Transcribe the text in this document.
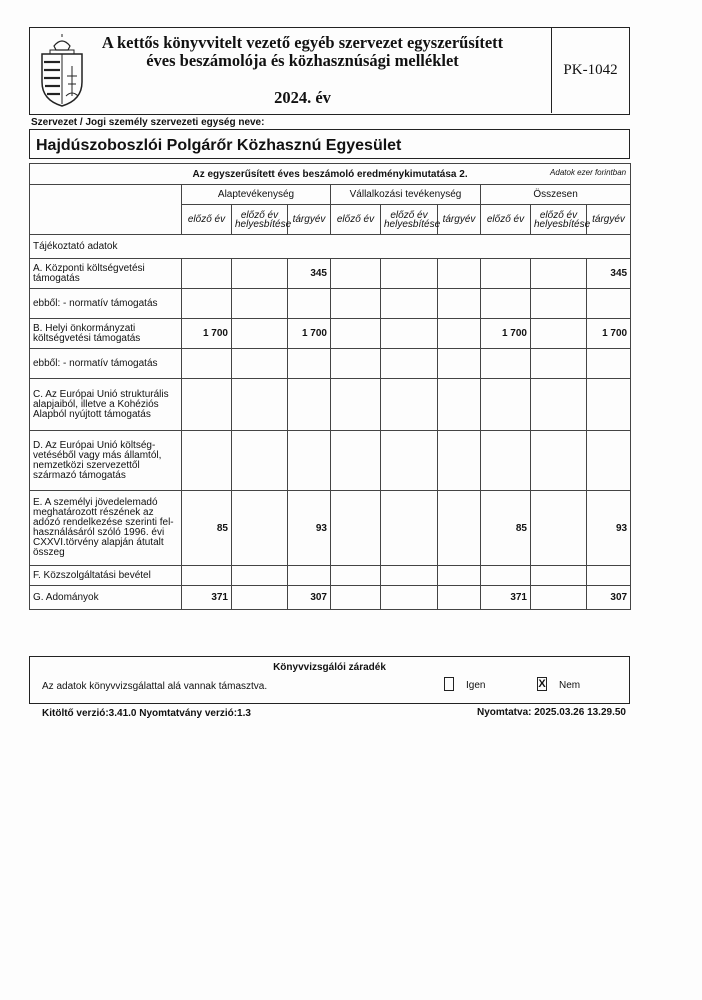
A kettős könyvvitelt vezető egyéb szervezet egyszerűsített
éves beszámolója és közhasznúsági melléklet
2024. év
PK-1042
Szervezet / Jogi személy szervezeti egység neve:
Hajdúszoboszlói Polgárőr Közhasznú Egyesület
Az egyszerűsített éves beszámoló eredménykimutatása 2. Adatok ezer forintban									

	Alaptevékenység			Vállalkozási tevékenység			Összesen		
	előző év	előző év helyesbítése	tárgyév	előző év	előző év helyesbítése	tárgyév	előző év	előző év helyesbítése	tárgyév
Tájékoztató adatok									
A. Központi költségvetési támogatás			345						345
ebből: - normatív támogatás									
B. Helyi önkormányzati költségvetési támogatás	1 700		1 700				1 700		1 700
ebből: - normatív támogatás									
C. Az Európai Unió strukturális alapjaiból, illetve a Kohéziós Alapból nyújtott támogatás									
D. Az Európai Unió költség-vetéséből vagy más államtól, nemzetközi szervezettől származó támogatás									
E. A személyi jövedelemadó meghatározott részének az adózó rendelkezése szerinti fel-használásáról szóló 1996. évi CXXVI.törvény alapján átutalt összeg	85		93				85		93
F. Közszolgáltatási bevétel									
G. Adományok	371		307				371		307
Könyvvizsgálói záradék
Az adatok könyvvizsgálattal alá vannak támasztva.	Igen	X Nem
Kitöltő verzió:3.41.0 Nyomtatvány verzió:1.3	Nyomtatva: 2025.03.26 13.29.50
